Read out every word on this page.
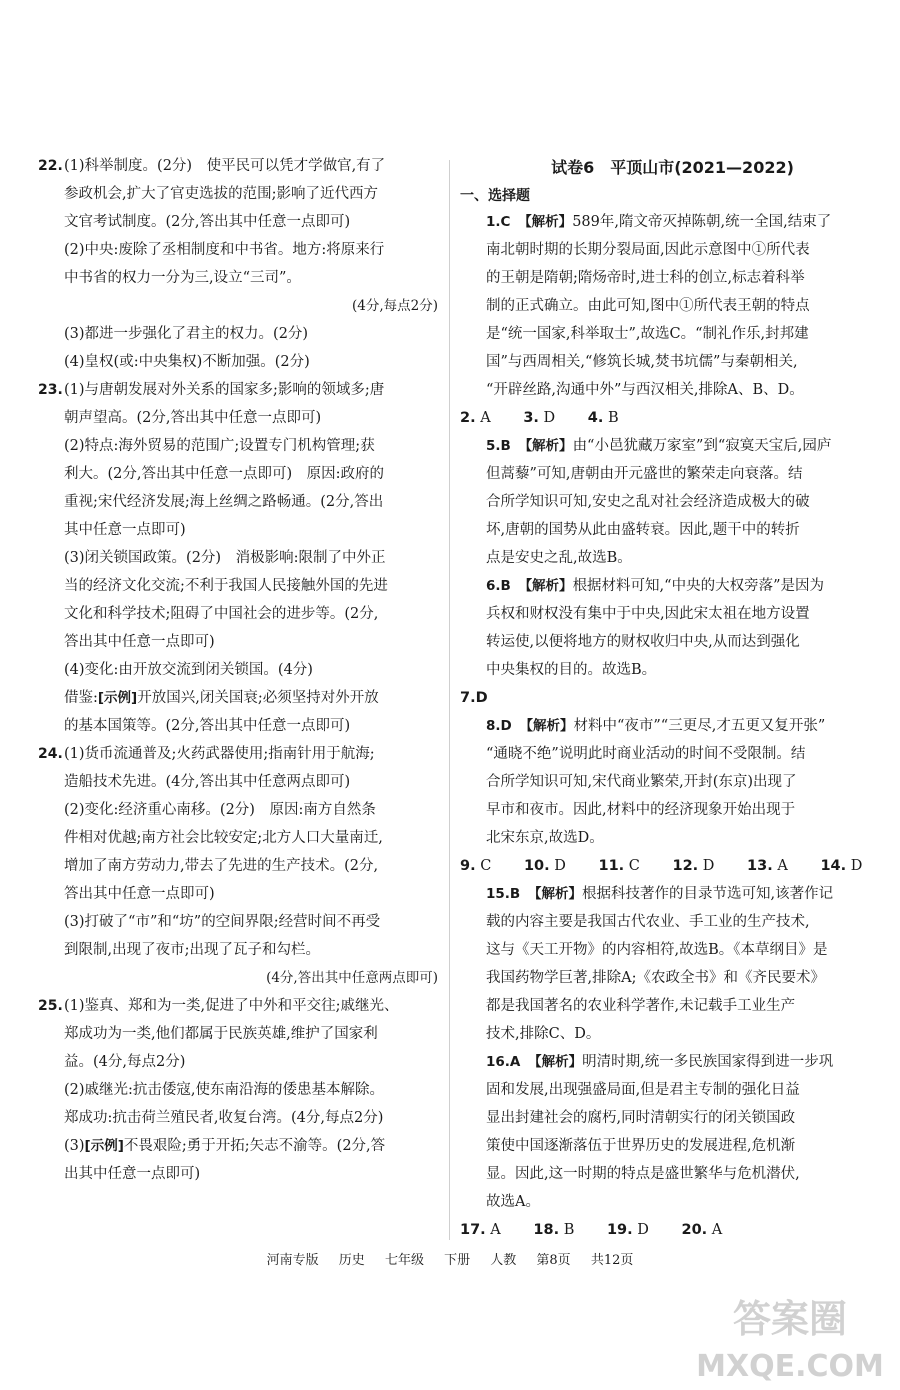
22. (1)科举制度。(2分)　使平民可以凭才学做官,有了
参政机会,扩大了官吏选拔的范围;影响了近代西方
文官考试制度。(2分,答出其中任意一点即可)
(2)中央:废除了丞相制度和中书省。地方:将原来行
中书省的权力一分为三,设立“三司”。
(4分,每点2分)
(3)都进一步强化了君主的权力。(2分)
(4)皇权(或:中央集权)不断加强。(2分)
23. (1)与唐朝发展对外关系的国家多;影响的领域多;唐
朝声望高。(2分,答出其中任意一点即可)
(2)特点:海外贸易的范围广;设置专门机构管理;获
利大。(2分,答出其中任意一点即可)　原因:政府的
重视;宋代经济发展;海上丝绸之路畅通。(2分,答出
其中任意一点即可)
(3)闭关锁国政策。(2分)　消极影响:限制了中外正
当的经济文化交流;不利于我国人民接触外国的先进
文化和科学技术;阻碍了中国社会的进步等。(2分,
答出其中任意一点即可)
(4)变化:由开放交流到闭关锁国。(4分)
借鉴:[示例]开放国兴,闭关国衰;必须坚持对外开放
的基本国策等。(2分,答出其中任意一点即可)
24. (1)货币流通普及;火药武器使用;指南针用于航海;
造船技术先进。(4分,答出其中任意两点即可)
(2)变化:经济重心南移。(2分)　原因:南方自然条
件相对优越;南方社会比较安定;北方人口大量南迁,
增加了南方劳动力,带去了先进的生产技术。(2分,
答出其中任意一点即可)
(3)打破了“市”和“坊”的空间界限;经营时间不再受
到限制,出现了夜市;出现了瓦子和勾栏。
(4分,答出其中任意两点即可)
25. (1)鉴真、郑和为一类,促进了中外和平交往;戚继光、
郑成功为一类,他们都属于民族英雄,维护了国家利
益。(4分,每点2分)
(2)戚继光:抗击倭寇,使东南沿海的倭患基本解除。
郑成功:抗击荷兰殖民者,收复台湾。(4分,每点2分)
(3)[示例]不畏艰险;勇于开拓;矢志不渝等。(2分,答
出其中任意一点即可)
试卷6　平顶山市(2021—2022)
一、选择题
1.C　 【解析】589年,隋文帝灭掉陈朝,统一全国,结束了
南北朝时期的长期分裂局面,因此示意图中①所代表
的王朝是隋朝;隋炀帝时,进士科的创立,标志着科举
制的正式确立。由此可知,图中①所代表王朝的特点
是“统一国家,科举取士”,故选C。“制礼作乐,封邦建
国”与西周相关,“修筑长城,焚书坑儒”与秦朝相关,
“开辟丝路,沟通中外”与西汉相关,排除A、B、D。
2. A 3. D 4. B
5.B　 【解析】由“小邑犹藏万家室”到“寂寞天宝后,园庐
但蒿藜”可知,唐朝由开元盛世的繁荣走向衰落。结
合所学知识可知,安史之乱对社会经济造成极大的破
坏,唐朝的国势从此由盛转衰。因此,题干中的转折
点是安史之乱,故选B。
6.B　 【解析】根据材料可知,“中央的大权旁落”是因为
兵权和财权没有集中于中央,因此宋太祖在地方设置
转运使,以便将地方的财权收归中央,从而达到强化
中央集权的目的。故选B。
7.D
8.D　 【解析】材料中“夜市”“三更尽,才五更又复开张”
“通晓不绝”说明此时商业活动的时间不受限制。结
合所学知识可知,宋代商业繁荣,开封(东京)出现了
早市和夜市。因此,材料中的经济现象开始出现于
北宋东京,故选D。
9. C 10. D 11. C 12. D 13. A 14. D
15.B　 【解析】根据科技著作的目录节选可知,该著作记
载的内容主要是我国古代农业、手工业的生产技术,
这与《天工开物》的内容相符,故选B。《本草纲目》是
我国药物学巨著,排除A;《农政全书》和《齐民要术》
都是我国著名的农业科学著作,未记载手工业生产
技术,排除C、D。
16.A　 【解析】明清时期,统一多民族国家得到进一步巩
固和发展,出现强盛局面,但是君主专制的强化日益
显出封建社会的腐朽,同时清朝实行的闭关锁国政
策使中国逐渐落伍于世界历史的发展进程,危机渐
显。因此,这一时期的特点是盛世繁华与危机潜伏,
故选A。
17. A 18. B 19. D 20. A
河南专版 历史 七年级 下册 人教 第8页 共12页
答案圈
MXQE.COM
